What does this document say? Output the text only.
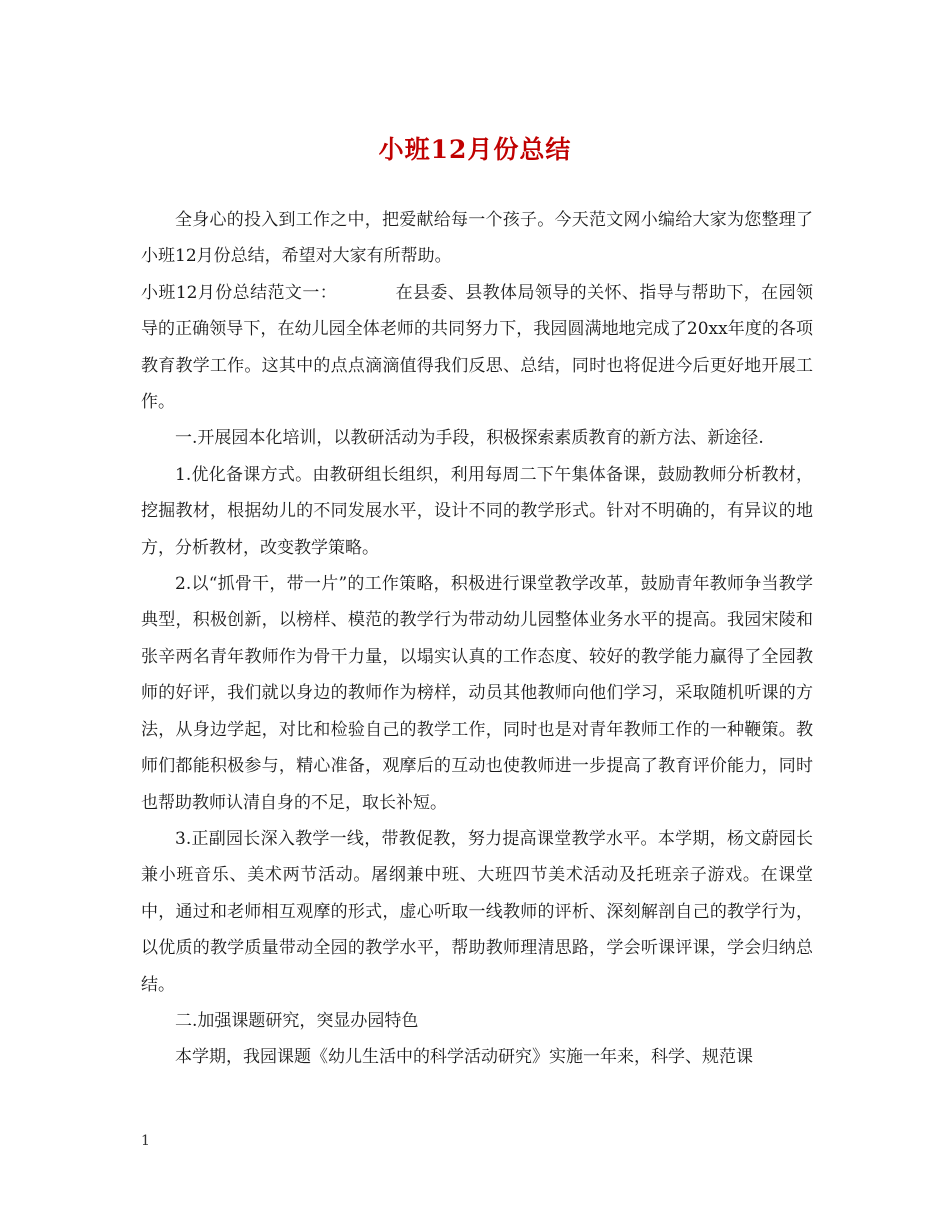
小班12月份总结

全身心的投入到工作之中，把爱献给每一个孩子。今天范文网小编给大家为您整理了小班12月份总结，希望对大家有所帮助。

小班12月份总结范文一：	在县委、县教体局领导的关怀、指导与帮助下，在园领导的正确领导下，在幼儿园全体老师的共同努力下，我园圆满地地完成了20xx年度的各项教育教学工作。这其中的点点滴滴值得我们反思、总结，同时也将促进今后更好地开展工作。

一.开展园本化培训，以教研活动为手段，积极探索素质教育的新方法、新途径.

1.优化备课方式。由教研组长组织，利用每周二下午集体备课，鼓励教师分析教材，挖掘教材，根据幼儿的不同发展水平，设计不同的教学形式。针对不明确的，有异议的地方，分析教材，改变教学策略。

2.以“抓骨干，带一片”的工作策略，积极进行课堂教学改革，鼓励青年教师争当教学典型，积极创新，以榜样、模范的教学行为带动幼儿园整体业务水平的提高。我园宋陵和张辛两名青年教师作为骨干力量，以塌实认真的工作态度、较好的教学能力赢得了全园教师的好评，我们就以身边的教师作为榜样，动员其他教师向他们学习，采取随机听课的方法，从身边学起，对比和检验自己的教学工作，同时也是对青年教师工作的一种鞭策。教师们都能积极参与，精心准备，观摩后的互动也使教师进一步提高了教育评价能力，同时也帮助教师认清自身的不足，取长补短。

3.正副园长深入教学一线，带教促教，努力提高课堂教学水平。本学期，杨文蔚园长兼小班音乐、美术两节活动。屠纲兼中班、大班四节美术活动及托班亲子游戏。在课堂中，通过和老师相互观摩的形式，虚心听取一线教师的评析、深刻解剖自己的教学行为，以优质的教学质量带动全园的教学水平，帮助教师理清思路，学会听课评课，学会归纳总结。

二.加强课题研究，突显办园特色

本学期，我园课题《幼儿生活中的科学活动研究》实施一年来，科学、规范课

1
